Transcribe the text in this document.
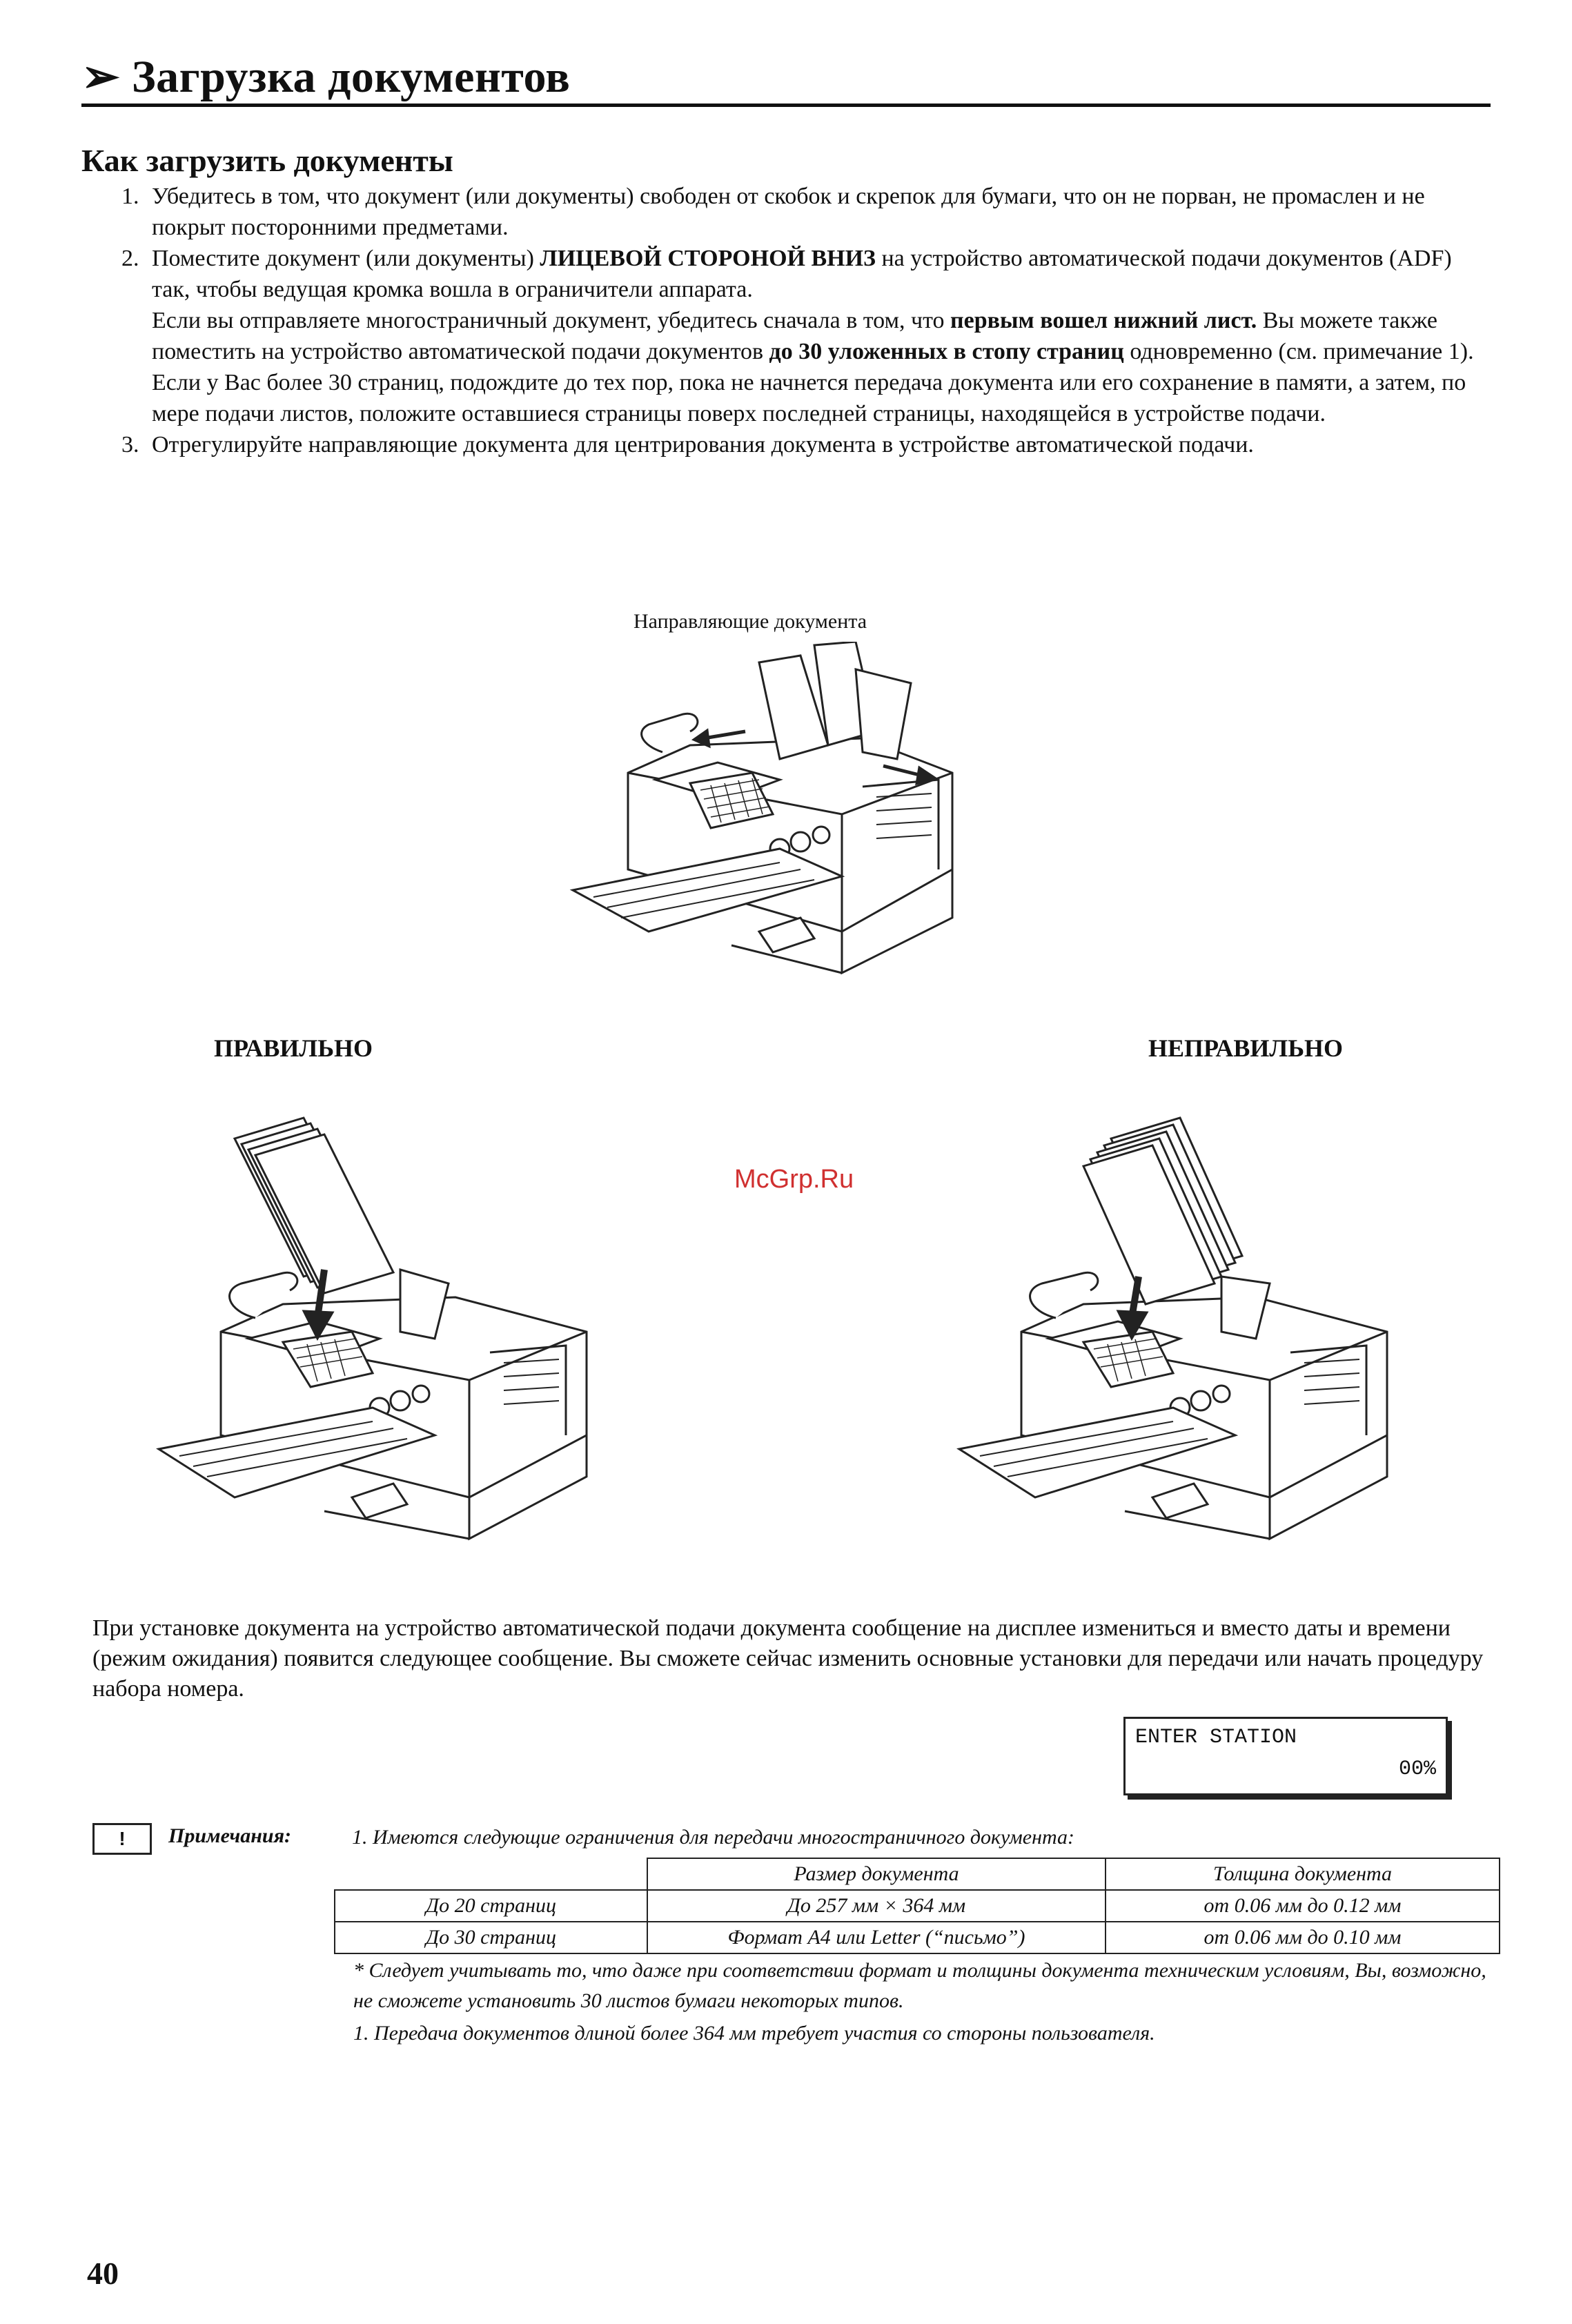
➢ Загрузка документов
Как загрузить документы
1. Убедитесь в том, что документ (или документы) свободен от скобок и скрепок для бумаги, что он не порван, не промаслен и не покрыт посторонними предметами.
2. Поместите документ (или документы) ЛИЦЕВОЙ СТОРОНОЙ ВНИЗ на устройство автоматической подачи документов (ADF) так, чтобы ведущая кромка вошла в ограничители аппарата.
Если вы отправляете многостраничный документ, убедитесь сначала в том, что первым вошел нижний лист. Вы можете также поместить на устройство автоматической подачи документов до 30 уложенных в стопу страниц одновременно (см. примечание 1). Если у Вас более 30 страниц, подождите до тех пор, пока не начнется передача документа или его сохранение в памяти, а затем, по мере подачи листов, положите оставшиеся страницы поверх последней страницы, находящейся в устройстве подачи.
3. Отрегулируйте направляющие документа для центрирования документа в устройстве автоматической подачи.
Направляющие документа
ПРАВИЛЬНО	НЕПРАВИЛЬНО
McGrp.Ru
При установке документа на устройство автоматической подачи документа сообщение на дисплее измениться и вместо даты и времени (режим ожидания) появится следующее сообщение. Вы сможете сейчас изменить основные установки для передачи или начать процедуру набора номера.
ENTER STATION
00%
!	Примечания:	1. Имеются следующие ограничения для передачи многостраничного документа:
	Размер документа	Толщина документа
До 20 страниц	До 257 мм × 364 мм	от 0.06 мм до 0.12 мм
До 30 страниц	Формат A4 или Letter (“письмо”)	от 0.06 мм до 0.10 мм
* Следует учитывать то, что даже при соответствии формат и толщины документа техническим условиям, Вы, возможно, не сможете установить 30 листов бумаги некоторых типов.
1. Передача документов длиной более 364 мм требует участия со стороны пользователя.
40
